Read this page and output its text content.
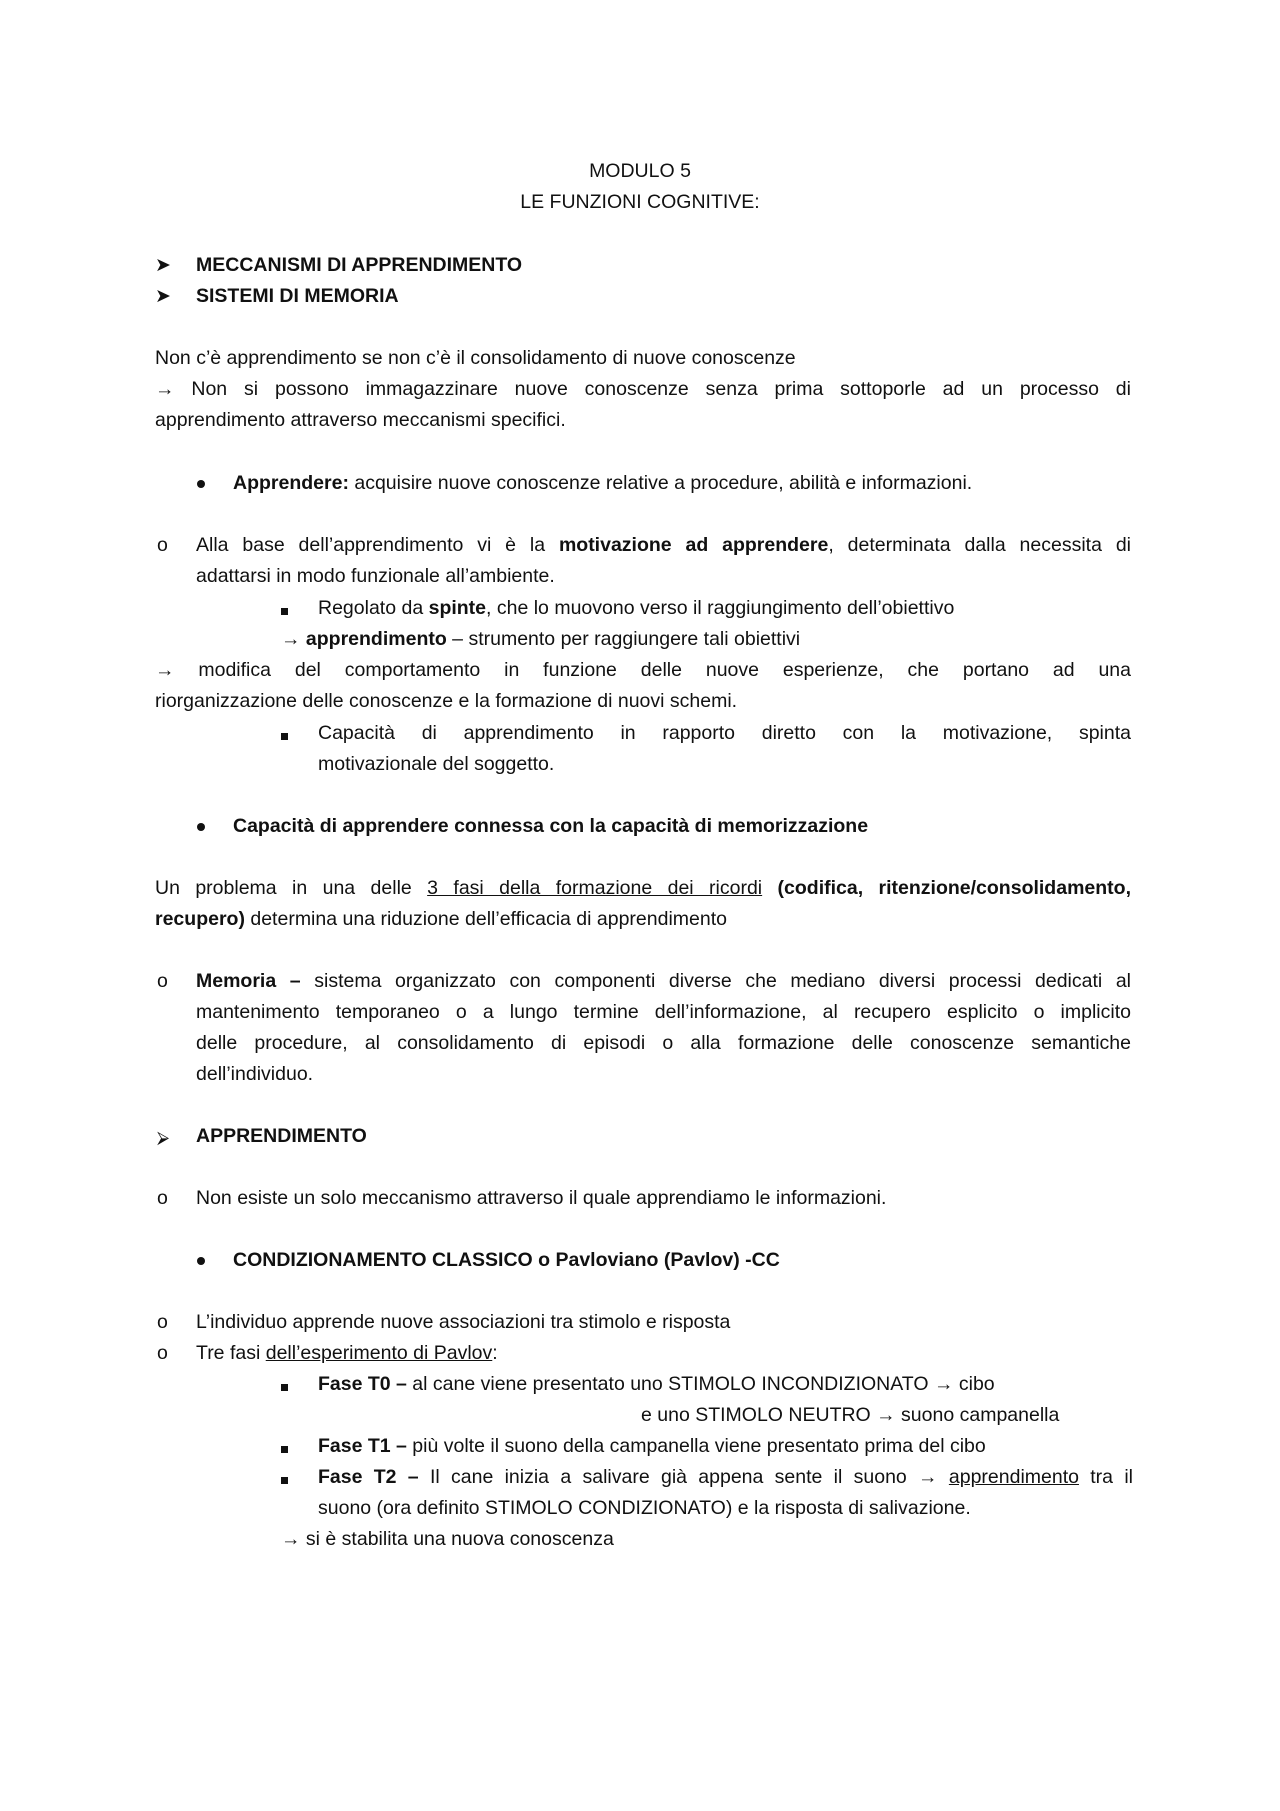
MODULO 5
LE FUNZIONI COGNITIVE:
➤ MECCANISMI DI APPRENDIMENTO
➤ SISTEMI DI MEMORIA
Non c’è apprendimento se non c’è il consolidamento di nuove conoscenze
→ Non si possono immagazzinare nuove conoscenze senza prima sottoporle ad un processo di
apprendimento attraverso meccanismi specifici.
Apprendere: acquisire nuove conoscenze relative a procedure, abilità e informazioni.
o Alla base dell’apprendimento vi è la motivazione ad apprendere, determinata dalla necessita di
adattarsi in modo funzionale all’ambiente.
Regolato da spinte, che lo muovono verso il raggiungimento dell’obiettivo
→ apprendimento – strumento per raggiungere tali obiettivi
→ modifica del comportamento in funzione delle nuove esperienze, che portano ad una
riorganizzazione delle conoscenze e la formazione di nuovi schemi.
Capacità di apprendimento in rapporto diretto con la motivazione, spinta
motivazionale del soggetto.
Capacità di apprendere connessa con la capacità di memorizzazione
Un problema in una delle 3 fasi della formazione dei ricordi (codifica, ritenzione/consolidamento,
recupero) determina una riduzione dell’efficacia di apprendimento
o Memoria – sistema organizzato con componenti diverse che mediano diversi processi dedicati al
mantenimento temporaneo o a lungo termine dell’informazione, al recupero esplicito o implicito
delle procedure, al consolidamento di episodi o alla formazione delle conoscenze semantiche
dell’individuo.
⮚ APPRENDIMENTO
o Non esiste un solo meccanismo attraverso il quale apprendiamo le informazioni.
CONDIZIONAMENTO CLASSICO o Pavloviano (Pavlov) -CC
o L’individuo apprende nuove associazioni tra stimolo e risposta
o Tre fasi dell’esperimento di Pavlov:
Fase T0 – al cane viene presentato uno STIMOLO INCONDIZIONATO → cibo
e uno STIMOLO NEUTRO → suono campanella
Fase T1 – più volte il suono della campanella viene presentato prima del cibo
Fase T2 – Il cane inizia a salivare già appena sente il suono → apprendimento tra il
suono (ora definito STIMOLO CONDIZIONATO) e la risposta di salivazione.
→ si è stabilita una nuova conoscenza
